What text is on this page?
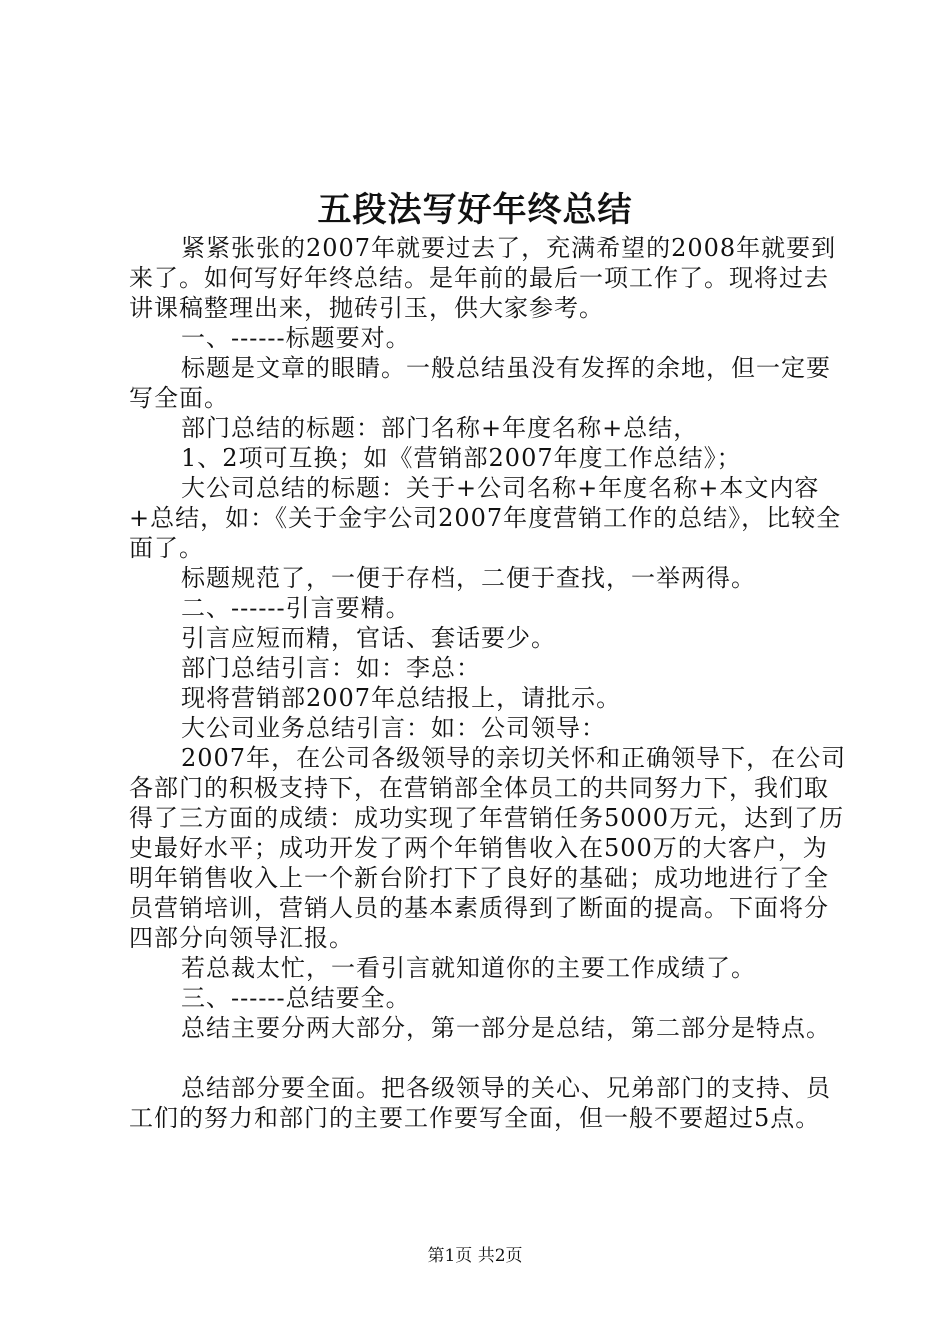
五段法写好年终总结

紧紧张张的2007年就要过去了，充满希望的2008年就要到来了。如何写好年终总结。是年前的最后一项工作了。现将过去讲课稿整理出来，抛砖引玉，供大家参考。

一、------标题要对。

标题是文章的眼睛。一般总结虽没有发挥的余地，但一定要写全面。

部门总结的标题：部门名称+年度名称+总结，

1、2项可互换；如《营销部2007年度工作总结》；

大公司总结的标题：关于+公司名称+年度名称+本文内容+总结，如：《关于金宇公司2007年度营销工作的总结》，比较全面了。

标题规范了，一便于存档，二便于查找，一举两得。

二、------引言要精。

引言应短而精，官话、套话要少。

部门总结引言：如：李总：

现将营销部2007年总结报上，请批示。

大公司业务总结引言：如：公司领导：

2007年，在公司各级领导的亲切关怀和正确领导下，在公司各部门的积极支持下，在营销部全体员工的共同努力下，我们取得了三方面的成绩：成功实现了年营销任务5000万元，达到了历史最好水平；成功开发了两个年销售收入在500万的大客户，为明年销售收入上一个新台阶打下了良好的基础；成功地进行了全员营销培训，营销人员的基本素质得到了断面的提高。下面将分四部分向领导汇报。

若总裁太忙，一看引言就知道你的主要工作成绩了。

三、------总结要全。

总结主要分两大部分，第一部分是总结，第二部分是特点。

总结部分要全面。把各级领导的关心、兄弟部门的支持、员工们的努力和部门的主要工作要写全面，但一般不要超过5点。

第1页 共2页
